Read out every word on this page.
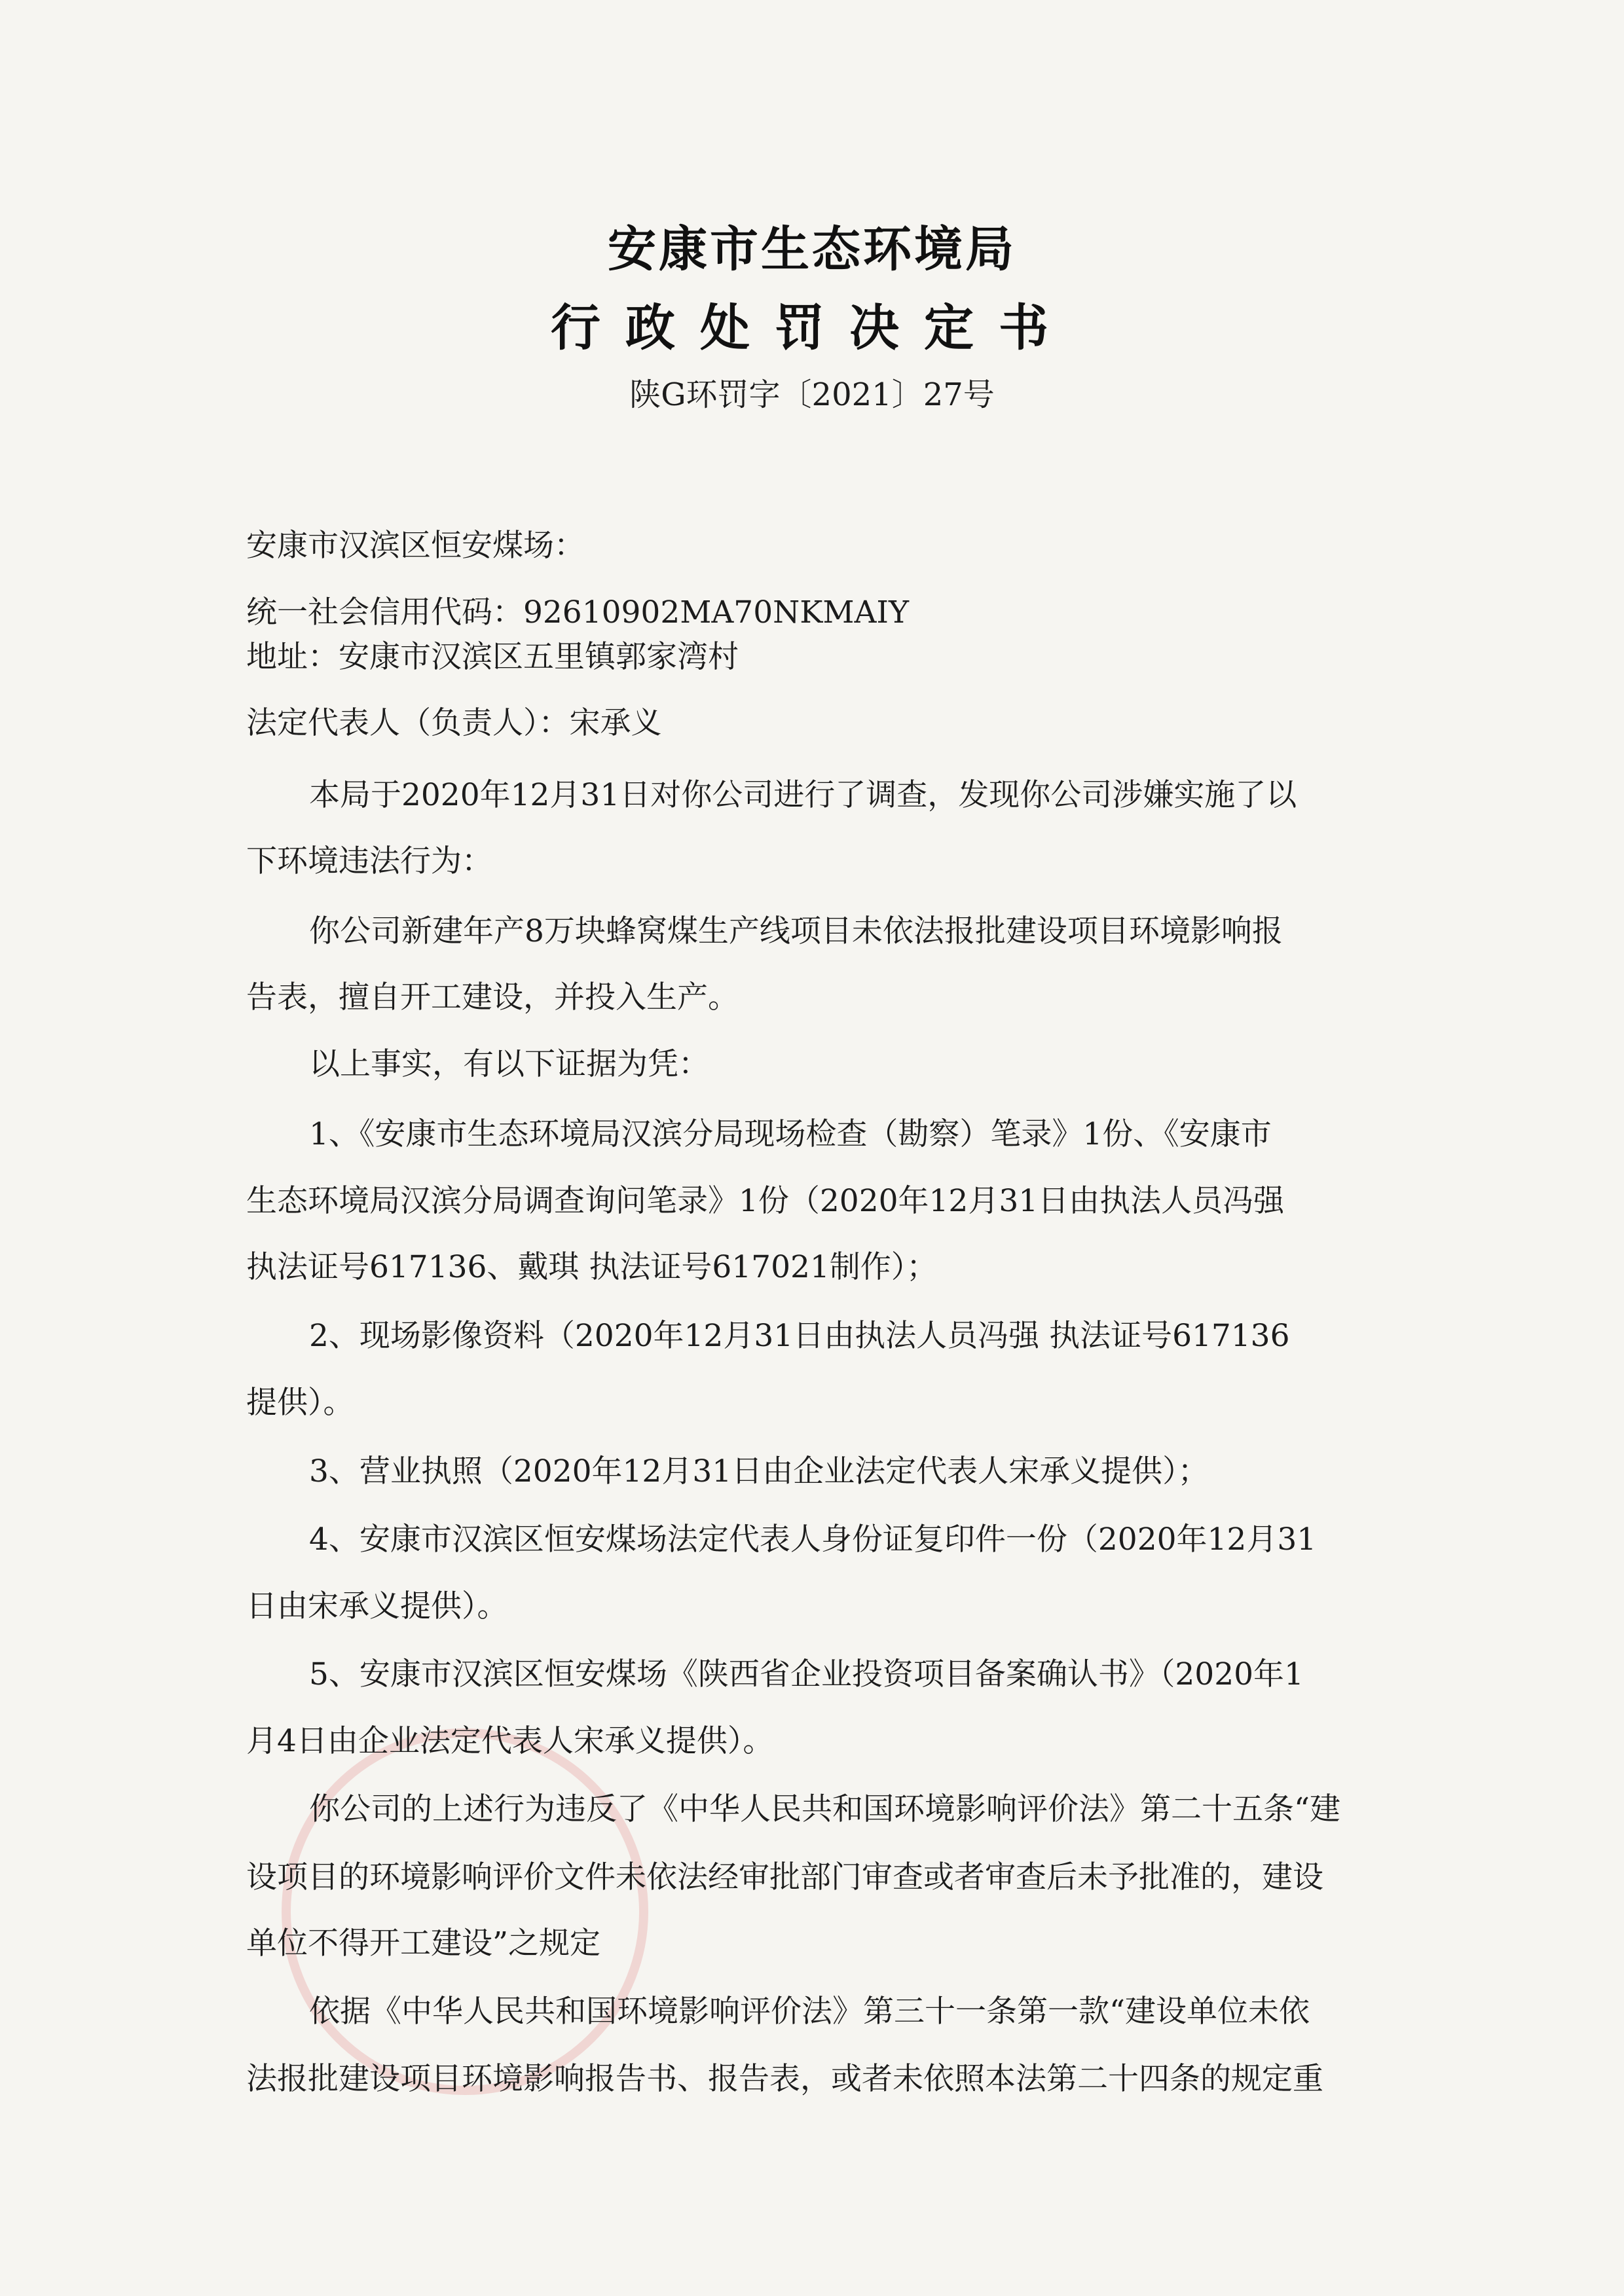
安康市生态环境局
行政处罚决定书
陕G环罚字〔2021〕27号
安康市汉滨区恒安煤场：
统一社会信用代码：92610902MA70NKMAIY
地址：安康市汉滨区五里镇郭家湾村
法定代表人（负责人）：宋承义
本局于2020年12月31日对你公司进行了调查，发现你公司涉嫌实施了以
下环境违法行为：
你公司新建年产8万块蜂窝煤生产线项目未依法报批建设项目环境影响报
告表，擅自开工建设，并投入生产。
以上事实，有以下证据为凭：
1、《安康市生态环境局汉滨分局现场检查（勘察）笔录》1份、《安康市
生态环境局汉滨分局调查询问笔录》1份（2020年12月31日由执法人员冯强
执法证号617136、戴琪 执法证号617021制作）；
2、现场影像资料（2020年12月31日由执法人员冯强 执法证号617136
提供）。
3、营业执照（2020年12月31日由企业法定代表人宋承义提供）；
4、安康市汉滨区恒安煤场法定代表人身份证复印件一份（2020年12月31
日由宋承义提供）。
5、安康市汉滨区恒安煤场《陕西省企业投资项目备案确认书》（2020年1
月4日由企业法定代表人宋承义提供）。
你公司的上述行为违反了《中华人民共和国环境影响评价法》第二十五条“建
设项目的环境影响评价文件未依法经审批部门审查或者审查后未予批准的，建设
单位不得开工建设”之规定
依据《中华人民共和国环境影响评价法》第三十一条第一款“建设单位未依
法报批建设项目环境影响报告书、报告表，或者未依照本法第二十四条的规定重
